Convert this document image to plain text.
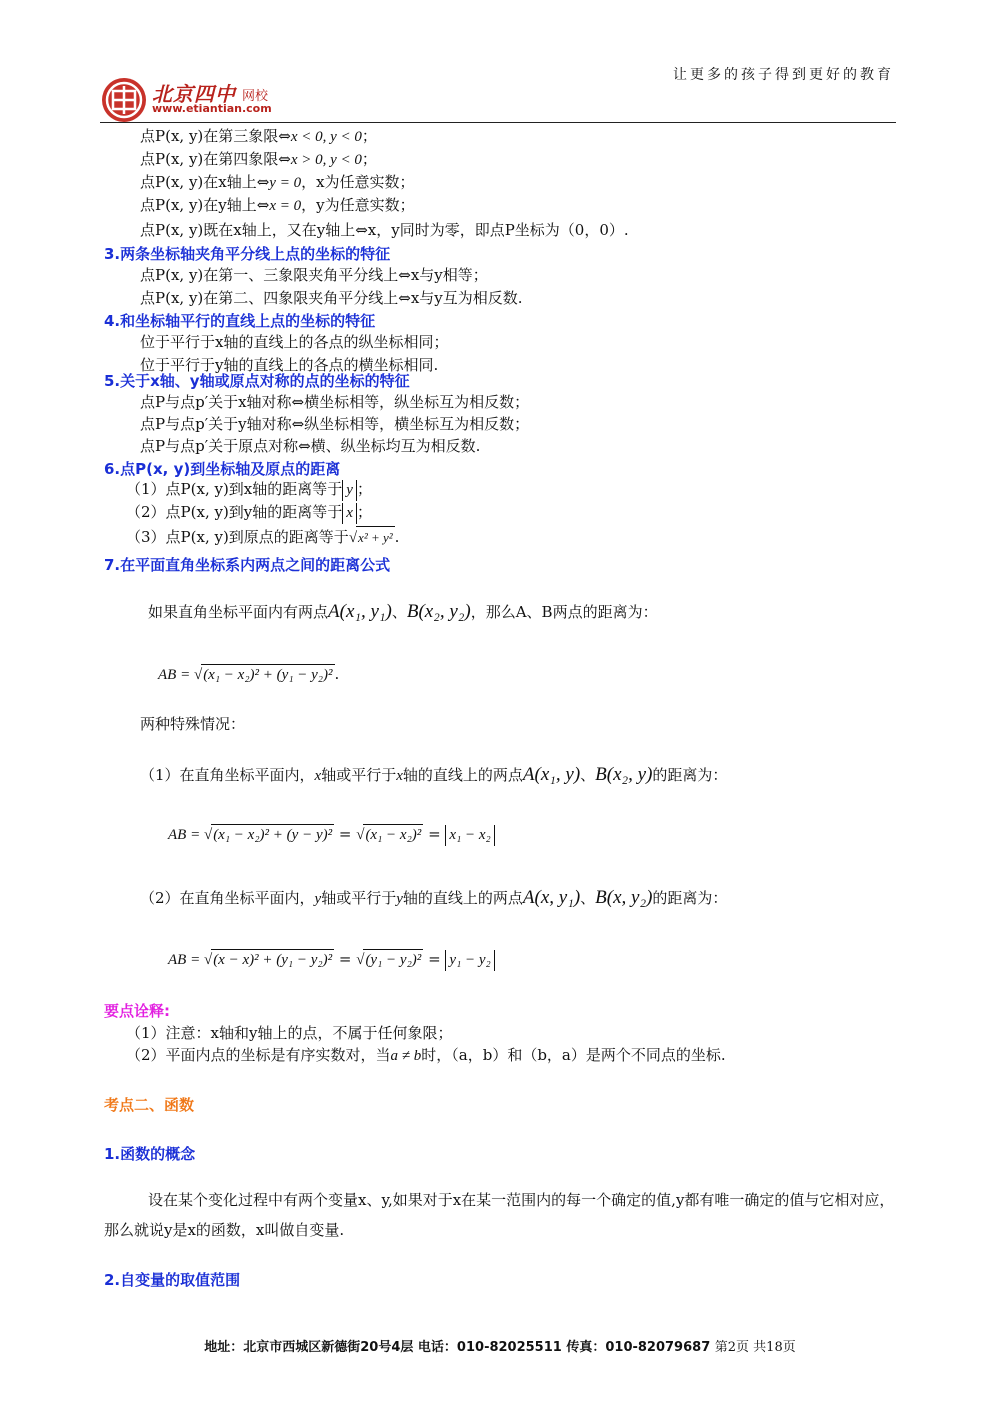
北京四中 网校
www.etiantian.com
让更多的孩子得到更好的教育
点P(x, y)在第三象限⇔x < 0, y < 0；
点P(x, y)在第四象限⇔x > 0, y < 0；
点P(x, y)在x轴上⇔y = 0，x为任意实数；
点P(x, y)在y轴上⇔x = 0，y为任意实数；
点P(x, y)既在x轴上，又在y轴上⇔x，y同时为零，即点P坐标为（0，0）.
3.两条坐标轴夹角平分线上点的坐标的特征
点P(x, y)在第一、三象限夹角平分线上⇔x与y相等；
点P(x, y)在第二、四象限夹角平分线上⇔x与y互为相反数.
4.和坐标轴平行的直线上点的坐标的特征
位于平行于x轴的直线上的各点的纵坐标相同；
位于平行于y轴的直线上的各点的横坐标相同.
5.关于x轴、y轴或原点对称的点的坐标的特征
点P与点p′关于x轴对称⇔横坐标相等，纵坐标互为相反数；
点P与点p′关于y轴对称⇔纵坐标相等，横坐标互为相反数；
点P与点p′关于原点对称⇔横、纵坐标均互为相反数.
6.点P(x, y)到坐标轴及原点的距离
（1）点P(x, y)到x轴的距离等于 y ；
（2）点P(x, y)到y轴的距离等于 x ；
（3）点P(x, y)到原点的距离等于√x² + y² .
7.在平面直角坐标系内两点之间的距离公式
如果直角坐标平面内有两点A(x₁, y₁)、B(x₂, y₂)，那么A、B两点的距离为：
AB = √(x₁ − x₂)² + (y₁ − y₂)² .
两种特殊情况：
（1）在直角坐标平面内，x轴或平行于x轴的直线上的两点A(x₁, y)、B(x₂, y)的距离为：
AB = √(x₁ − x₂)² + (y − y)² = √(x₁ − x₂)² = x₁ − x₂
（2）在直角坐标平面内，y轴或平行于y轴的直线上的两点A(x, y₁)、B(x, y₂)的距离为：
AB = √(x − x)² + (y₁ − y₂)² = √(y₁ − y₂)² = y₁ − y₂
要点诠释:
（1）注意：x轴和y轴上的点，不属于任何象限；
（2）平面内点的坐标是有序实数对，当a ≠ b时，（a，b）和（b，a）是两个不同点的坐标.
考点二、函数
1.函数的概念
设在某个变化过程中有两个变量x、y,如果对于x在某一范围内的每一个确定的值,y都有唯一确定的值与它相对应，那么就说y是x的函数，x叫做自变量.
2.自变量的取值范围
地址：北京市西城区新德街20号4层 电话：010-82025511 传真：010-82079687 第2页 共18页
